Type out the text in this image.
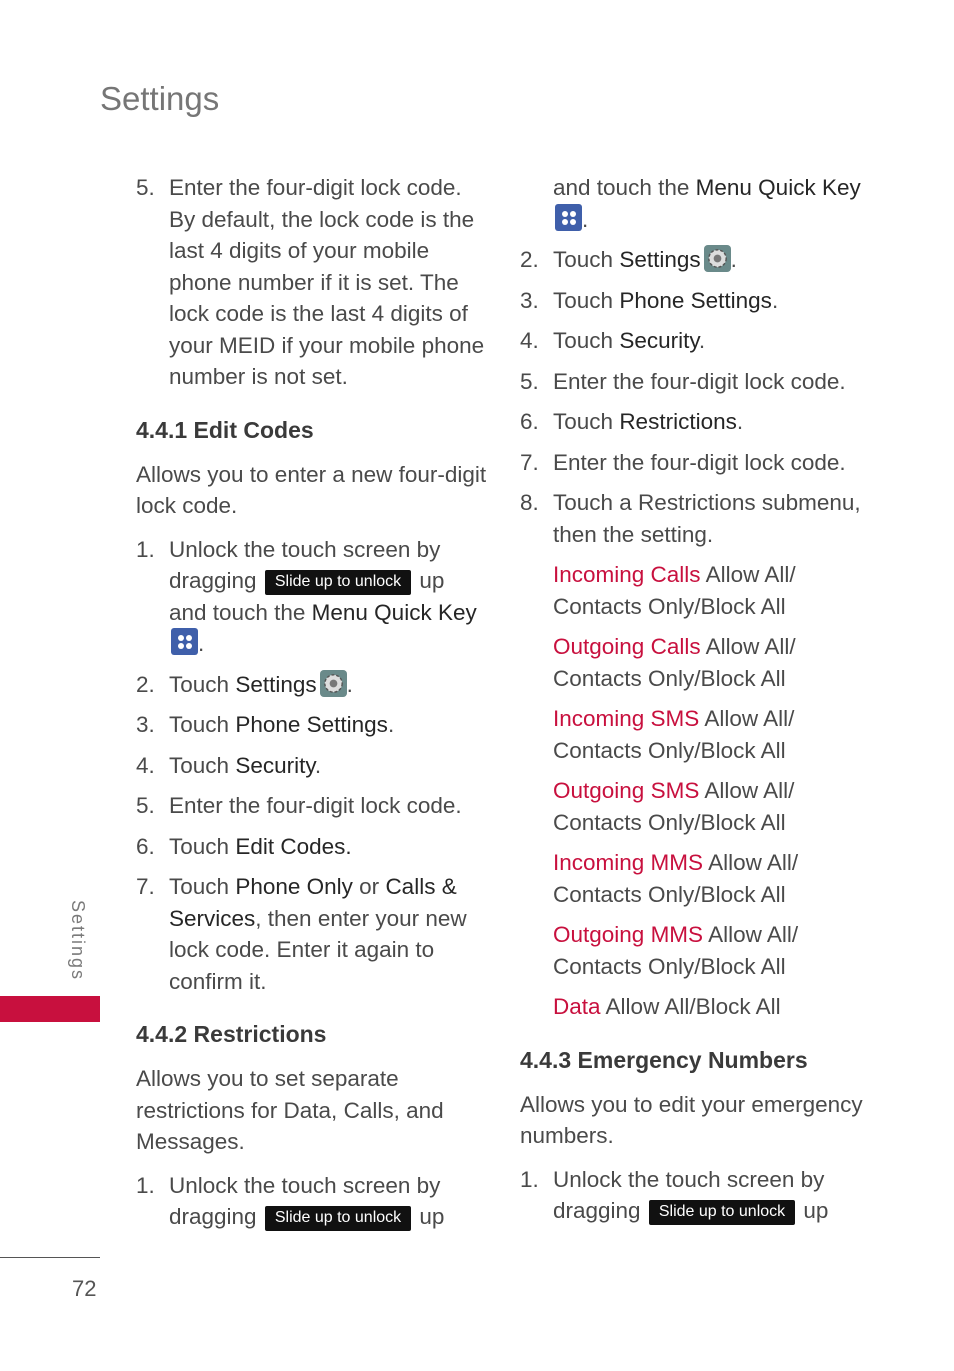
Settings
Settings
72
5. Enter the four-digit lock code. By default, the lock code is the last 4 digits of your mobile phone number if it is set. The lock code is the last 4 digits of your MEID if your mobile phone number is not set.
4.4.1 Edit Codes
Allows you to enter a new four-digit lock code.
1. Unlock the touch screen by dragging Slide up to unlock up and touch the Menu Quick Key
.
2. Touch Settings .
3. Touch Phone Settings.
4. Touch Security.
5. Enter the four-digit lock code.
6. Touch Edit Codes.
7. Touch Phone Only or Calls & Services, then enter your new lock code. Enter it again to confirm it.
4.4.2 Restrictions
Allows you to set separate restrictions for Data, Calls, and Messages.
1. Unlock the touch screen by dragging Slide up to unlock up
and touch the Menu Quick Key
.
2. Touch Settings .
3. Touch Phone Settings.
4. Touch Security.
5. Enter the four-digit lock code.
6. Touch Restrictions.
7. Enter the four-digit lock code.
8. Touch a Restrictions submenu, then the setting.
Incoming Calls Allow All/ Contacts Only/Block All
Outgoing Calls Allow All/ Contacts Only/Block All
Incoming SMS Allow All/ Contacts Only/Block All
Outgoing SMS Allow All/ Contacts Only/Block All
Incoming MMS Allow All/ Contacts Only/Block All
Outgoing MMS Allow All/ Contacts Only/Block All
Data Allow All/Block All
4.4.3 Emergency Numbers
Allows you to edit your emergency numbers.
1. Unlock the touch screen by dragging Slide up to unlock up
